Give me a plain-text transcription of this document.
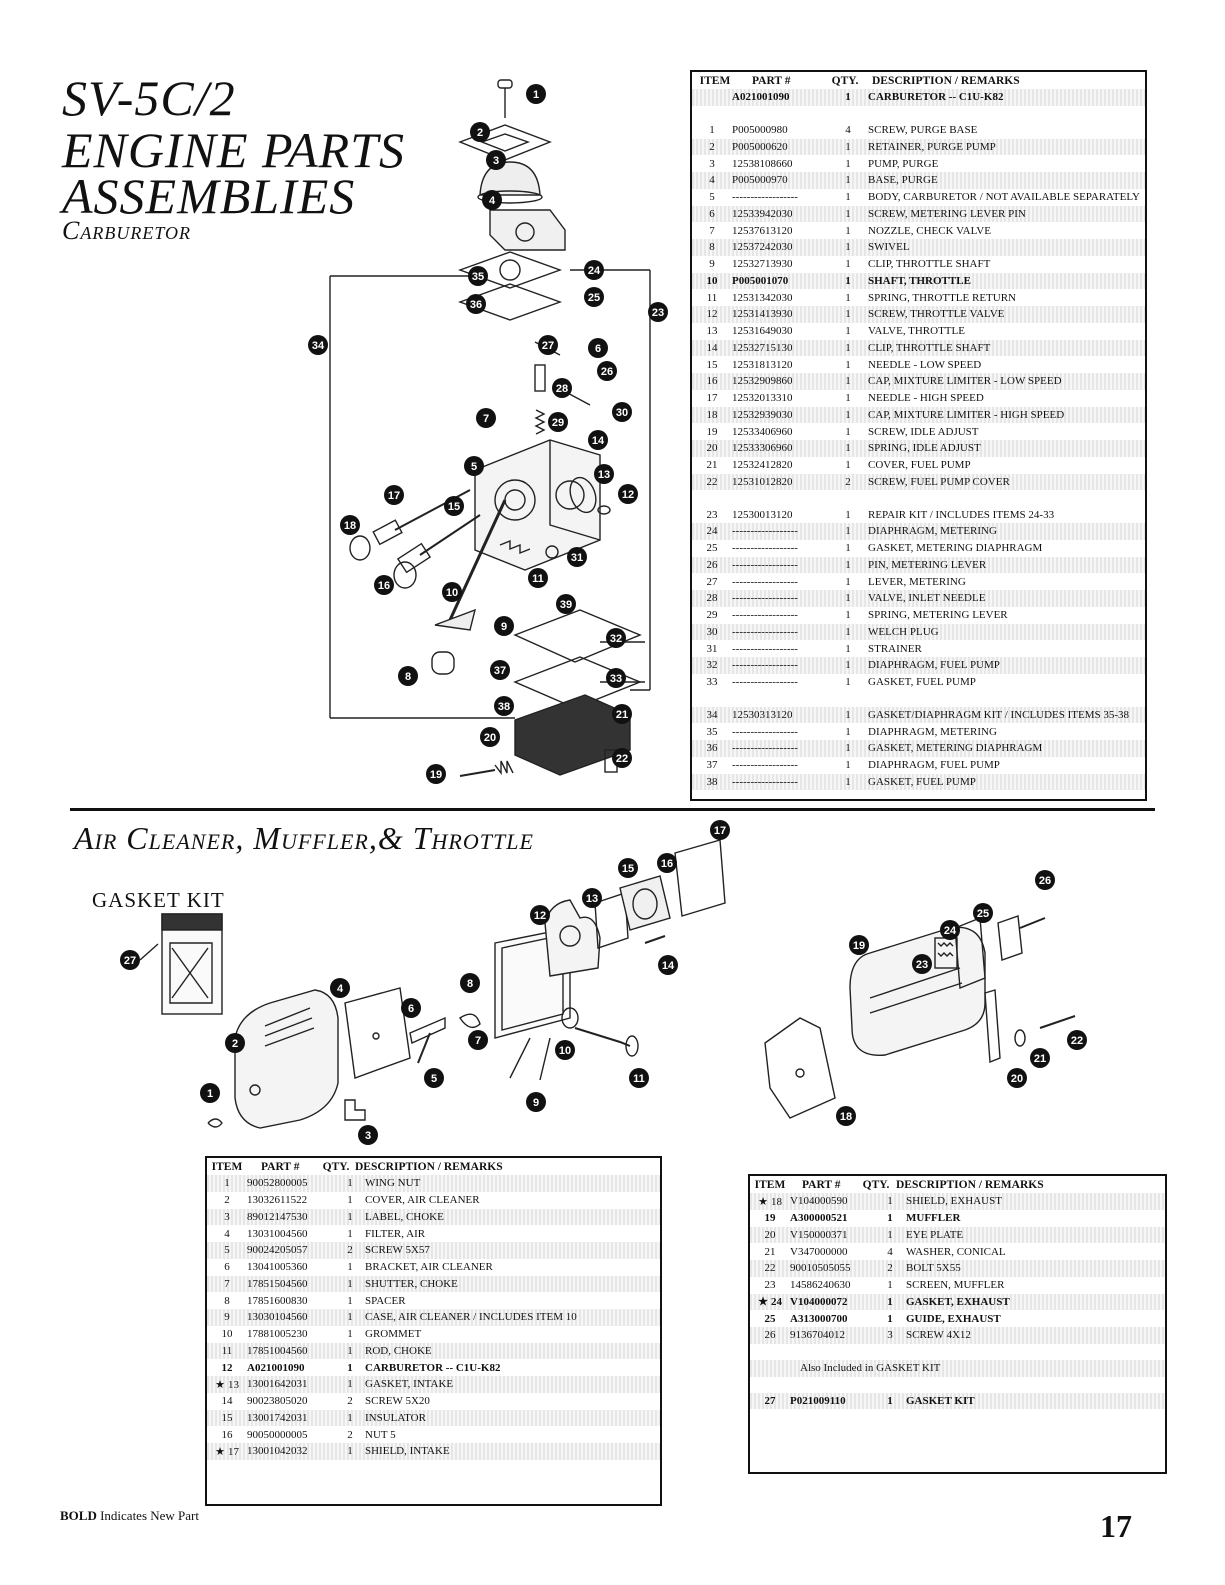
SV-5C/2
ENGINE PARTS
ASSEMBLIES
Carburetor
1
2
3
4
35	24
36
25
23
34	27	6
26
28
30
29
7
14
5
13
17
15
12
18
31
16
11
10
39
9
32
8	37
33
38
21
20
19
22
ITEM	PART #	QTY.	DESCRIPTION / REMARKS
A021001090	1	CARBURETOR -- C1U-K82
1	P005000980	4	SCREW, PURGE BASE
2	P005000620	1	RETAINER, PURGE PUMP
3	12538108660	1	PUMP, PURGE
4	P005000970	1	BASE, PURGE
5	------------------	1	BODY, CARBURETOR / NOT AVAILABLE SEPARATELY
6	12533942030	1	SCREW, METERING LEVER PIN
7	12537613120	1	NOZZLE, CHECK VALVE
8	12537242030	1	SWIVEL
9	12532713930	1	CLIP, THROTTLE SHAFT
10	P005001070	1	SHAFT, THROTTLE
11	12531342030	1	SPRING, THROTTLE RETURN
12	12531413930	1	SCREW, THROTTLE VALVE
13	12531649030	1	VALVE, THROTTLE
14	12532715130	1	CLIP, THROTTLE SHAFT
15	12531813120	1	NEEDLE - LOW SPEED
16	12532909860	1	CAP, MIXTURE LIMITER - LOW SPEED
17	12532013310	1	NEEDLE - HIGH SPEED
18	12532939030	1	CAP, MIXTURE LIMITER - HIGH SPEED
19	12533406960	1	SCREW, IDLE ADJUST
20	12533306960	1	SPRING, IDLE ADJUST
21	12532412820	1	COVER, FUEL PUMP
22	12531012820	2	SCREW, FUEL PUMP COVER
23	12530013120	1	REPAIR KIT / INCLUDES ITEMS 24-33
24	------------------	1	DIAPHRAGM, METERING
25	------------------	1	GASKET, METERING DIAPHRAGM
26	------------------	1	PIN, METERING LEVER
27	------------------	1	LEVER, METERING
28	------------------	1	VALVE, INLET NEEDLE
29	------------------	1	SPRING, METERING LEVER
30	------------------	1	WELCH PLUG
31	------------------	1	STRAINER
32	------------------	1	DIAPHRAGM, FUEL PUMP
33	------------------	1	GASKET, FUEL PUMP
34	12530313120	1	GASKET/DIAPHRAGM KIT / INCLUDES ITEMS 35-38
35	------------------	1	DIAPHRAGM, METERING
36	------------------	1	GASKET, METERING DIAPHRAGM
37	------------------	1	DIAPHRAGM, FUEL PUMP
38	------------------	1	GASKET, FUEL PUMP
Air Cleaner, Muffler,& Throttle
GASKET KIT
17
16
15
13
12
14
8
4
6
7
10
2
5	11
1
9
3
27
26
25
24
23
19
22
21
20
18
ITEM	PART #	QTY. DESCRIPTION / REMARKS
1	90052800005	1	WING NUT
2	13032611522	1	COVER, AIR CLEANER
3	89012147530	1	LABEL, CHOKE
4	13031004560	1	FILTER, AIR
5	90024205057	2	SCREW 5X57
6	13041005360	1	BRACKET, AIR CLEANER
7	17851504560	1	SHUTTER, CHOKE
8	17851600830	1	SPACER
9	13030104560	1	CASE, AIR CLEANER / INCLUDES ITEM 10
10	17881005230	1	GROMMET
11	17851004560	1	ROD, CHOKE
12	A021001090	1	CARBURETOR -- C1U-K82
★ 13 13001642031	1	GASKET, INTAKE
14	90023805020	2	SCREW 5X20
15	13001742031	1	INSULATOR
16	90050000005	2	NUT 5
★ 17 13001042032	1	SHIELD, INTAKE
ITEM	PART #	QTY. DESCRIPTION / REMARKS
★ 18 V104000590	1	SHIELD, EXHAUST
19	A300000521	1	MUFFLER
20	V150000371	1	EYE PLATE
21	V347000000	4	WASHER, CONICAL
22	90010505055	2	BOLT 5X55
23	14586240630	1	SCREEN, MUFFLER
★ 24 V104000072	1	GASKET, EXHAUST
25	A313000700	1	GUIDE, EXHAUST
26	9136704012	3	SCREW 4X12
Also Included in GASKET KIT
27	P021009110	1	GASKET KIT
BOLD Indicates New Part	17
